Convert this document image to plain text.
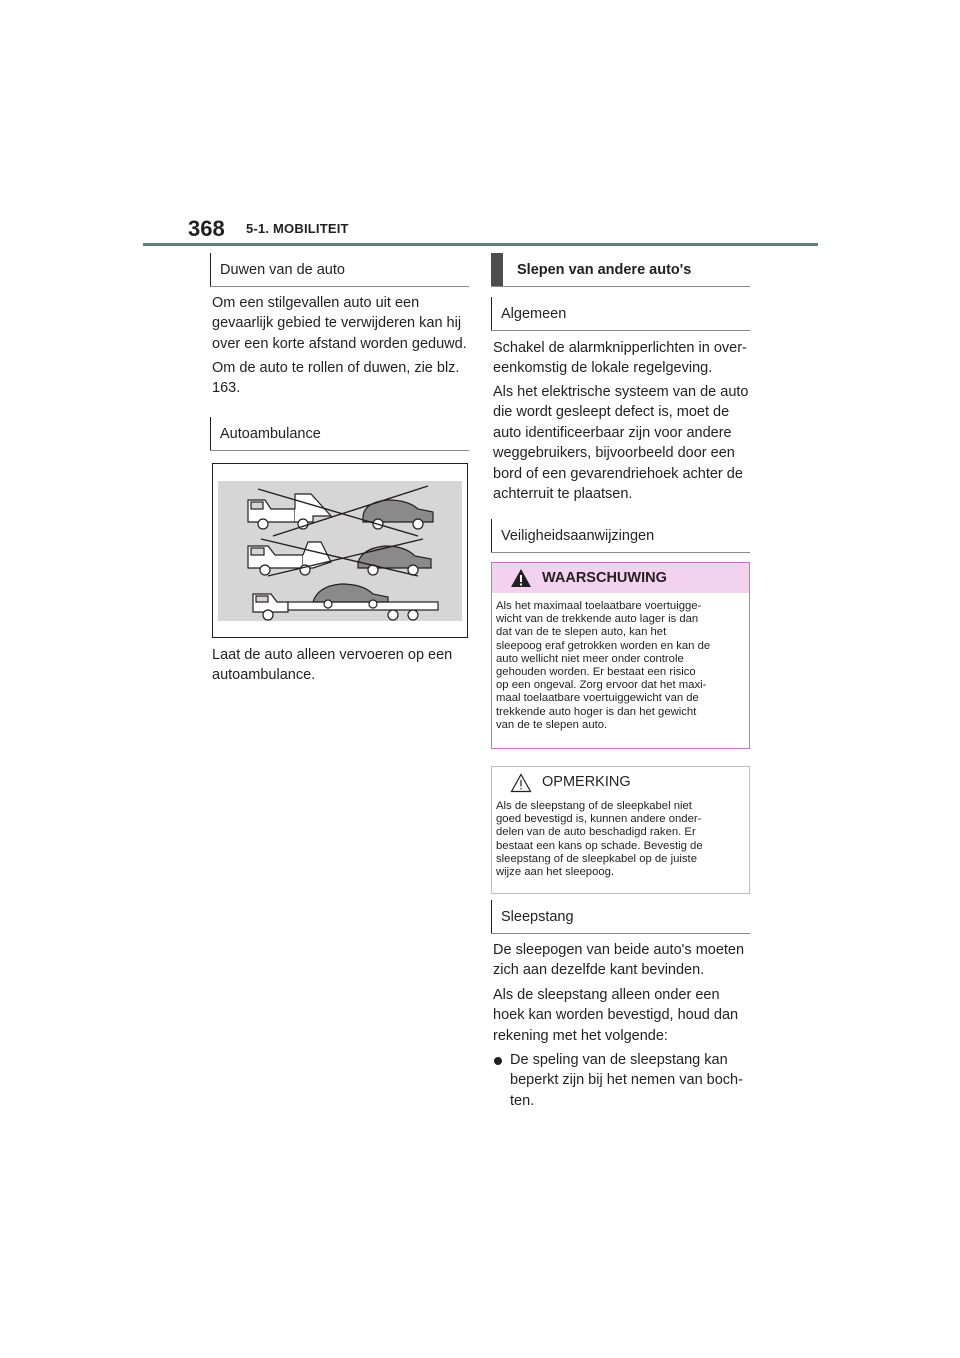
368 5-1. MOBILITEIT
Duwen van de auto
Om een stilgevallen auto uit een
gevaarlijk gebied te verwijderen kan hij
over een korte afstand worden geduwd.
Om de auto te rollen of duwen, zie blz.
163.
Autoambulance
Laat de auto alleen vervoeren op een
autoambulance.
Slepen van andere auto's
Algemeen
Schakel de alarmknipperlichten in over-
eenkomstig de lokale regelgeving.
Als het elektrische systeem van de auto
die wordt gesleept defect is, moet de
auto identificeerbaar zijn voor andere
weggebruikers, bijvoorbeeld door een
bord of een gevarendriehoek achter de
achterruit te plaatsen.
Veiligheidsaanwijzingen
WAARSCHUWING
Als het maximaal toelaatbare voertuigge-
wicht van de trekkende auto lager is dan
dat van de te slepen auto, kan het
sleepoog eraf getrokken worden en kan de
auto wellicht niet meer onder controle
gehouden worden. Er bestaat een risico
op een ongeval. Zorg ervoor dat het maxi-
maal toelaatbare voertuiggewicht van de
trekkende auto hoger is dan het gewicht
van de te slepen auto.
OPMERKING
Als de sleepstang of de sleepkabel niet
goed bevestigd is, kunnen andere onder-
delen van de auto beschadigd raken. Er
bestaat een kans op schade. Bevestig de
sleepstang of de sleepkabel op de juiste
wijze aan het sleepoog.
Sleepstang
De sleepogen van beide auto's moeten
zich aan dezelfde kant bevinden.
Als de sleepstang alleen onder een
hoek kan worden bevestigd, houd dan
rekening met het volgende:
De speling van de sleepstang kan
beperkt zijn bij het nemen van boch-
ten.
